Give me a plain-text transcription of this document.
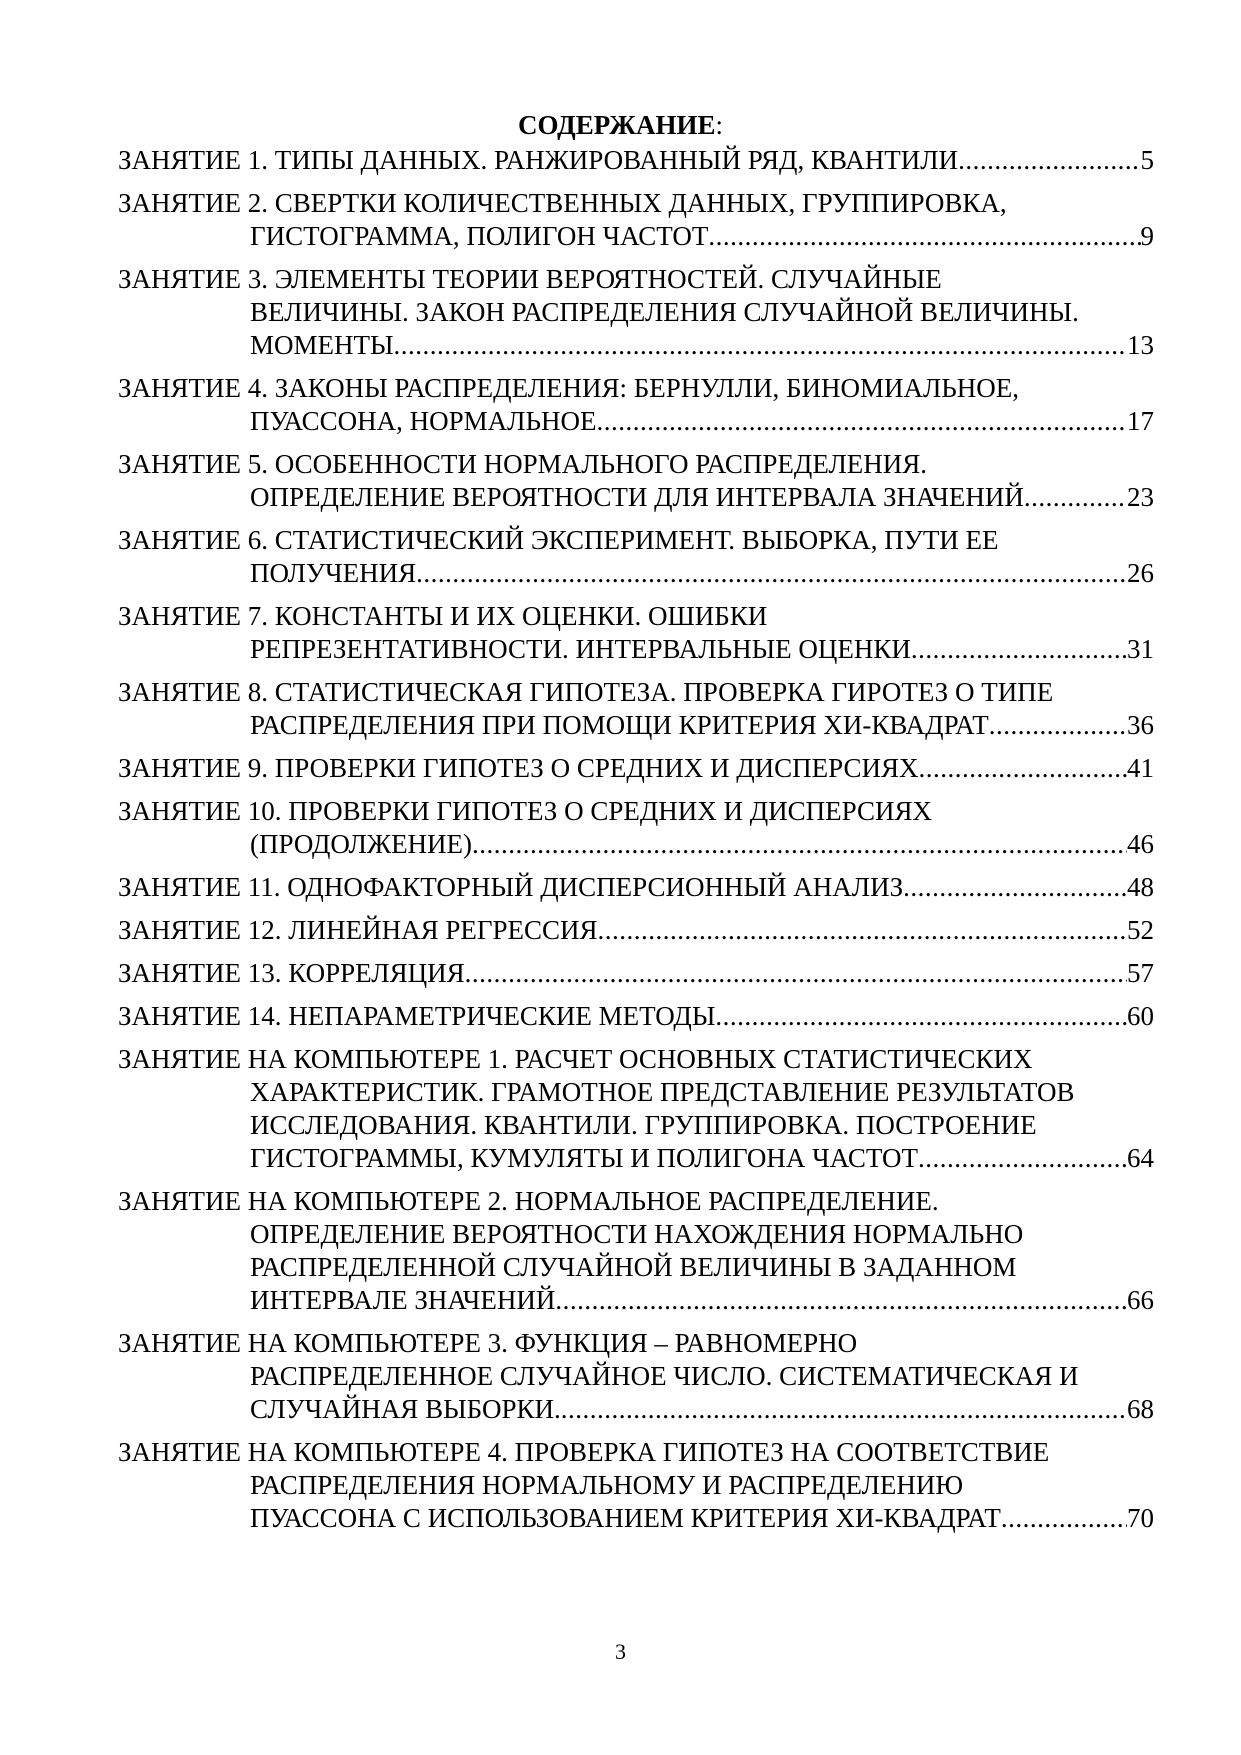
СОДЕРЖАНИЕ:
ЗАНЯТИЕ 1. ТИПЫ ДАННЫХ. РАНЖИРОВАННЫЙ РЯД, КВАНТИЛИ .....	5
ЗАНЯТИЕ 2. СВЕРТКИ КОЛИЧЕСТВЕННЫХ ДАННЫХ, ГРУППИРОВКА,
ГИСТОГРАММА, ПОЛИГОН ЧАСТОТ .....	9
ЗАНЯТИЕ 3. ЭЛЕМЕНТЫ ТЕОРИИ ВЕРОЯТНОСТЕЙ. СЛУЧАЙНЫЕ
ВЕЛИЧИНЫ. ЗАКОН РАСПРЕДЕЛЕНИЯ СЛУЧАЙНОЙ ВЕЛИЧИНЫ.
МОМЕНТЫ .....	13
ЗАНЯТИЕ 4. ЗАКОНЫ РАСПРЕДЕЛЕНИЯ: БЕРНУЛЛИ, БИНОМИАЛЬНОЕ,
ПУАССОНА, НОРМАЛЬНОЕ .....	17
ЗАНЯТИЕ 5. ОСОБЕННОСТИ НОРМАЛЬНОГО РАСПРЕДЕЛЕНИЯ.
ОПРЕДЕЛЕНИЕ ВЕРОЯТНОСТИ ДЛЯ ИНТЕРВАЛА ЗНАЧЕНИЙ .....	23
ЗАНЯТИЕ 6. СТАТИСТИЧЕСКИЙ ЭКСПЕРИМЕНТ. ВЫБОРКА, ПУТИ ЕЕ
ПОЛУЧЕНИЯ .....	26
ЗАНЯТИЕ 7. КОНСТАНТЫ И ИХ ОЦЕНКИ. ОШИБКИ
РЕПРЕЗЕНТАТИВНОСТИ. ИНТЕРВАЛЬНЫЕ ОЦЕНКИ .....	31
ЗАНЯТИЕ 8. СТАТИСТИЧЕСКАЯ ГИПОТЕЗА. ПРОВЕРКА ГИРОТЕЗ О ТИПЕ
РАСПРЕДЕЛЕНИЯ ПРИ ПОМОЩИ КРИТЕРИЯ ХИ-КВАДРАТ .....	36
ЗАНЯТИЕ 9. ПРОВЕРКИ ГИПОТЕЗ О СРЕДНИХ И ДИСПЕРСИЯХ .....	41
ЗАНЯТИЕ 10. ПРОВЕРКИ ГИПОТЕЗ О СРЕДНИХ И ДИСПЕРСИЯХ
(ПРОДОЛЖЕНИЕ) .....	46
ЗАНЯТИЕ 11. ОДНОФАКТОРНЫЙ ДИСПЕРСИОННЫЙ АНАЛИЗ .....	48
ЗАНЯТИЕ 12. ЛИНЕЙНАЯ РЕГРЕССИЯ .....	52
ЗАНЯТИЕ 13. КОРРЕЛЯЦИЯ .....	57
ЗАНЯТИЕ 14. НЕПАРАМЕТРИЧЕСКИЕ МЕТОДЫ .....	60
ЗАНЯТИЕ НА КОМПЬЮТЕРЕ 1. РАСЧЕТ ОСНОВНЫХ СТАТИСТИЧЕСКИХ
ХАРАКТЕРИСТИК. ГРАМОТНОЕ ПРЕДСТАВЛЕНИЕ РЕЗУЛЬТАТОВ
ИССЛЕДОВАНИЯ. КВАНТИЛИ. ГРУППИРОВКА. ПОСТРОЕНИЕ
ГИСТОГРАММЫ, КУМУЛЯТЫ И ПОЛИГОНА ЧАСТОТ .....	64
ЗАНЯТИЕ НА КОМПЬЮТЕРЕ 2. НОРМАЛЬНОЕ РАСПРЕДЕЛЕНИЕ.
ОПРЕДЕЛЕНИЕ ВЕРОЯТНОСТИ НАХОЖДЕНИЯ НОРМАЛЬНО
РАСПРЕДЕЛЕННОЙ СЛУЧАЙНОЙ ВЕЛИЧИНЫ В ЗАДАННОМ
ИНТЕРВАЛЕ ЗНАЧЕНИЙ .....	66
ЗАНЯТИЕ НА КОМПЬЮТЕРЕ 3. ФУНКЦИЯ – РАВНОМЕРНО
РАСПРЕДЕЛЕННОЕ СЛУЧАЙНОЕ ЧИСЛО. СИСТЕМАТИЧЕСКАЯ И
СЛУЧАЙНАЯ ВЫБОРКИ. .....	68
ЗАНЯТИЕ НА КОМПЬЮТЕРЕ 4. ПРОВЕРКА ГИПОТЕЗ НА СООТВЕТСТВИЕ
РАСПРЕДЕЛЕНИЯ НОРМАЛЬНОМУ И РАСПРЕДЕЛЕНИЮ
ПУАССОНА С ИСПОЛЬЗОВАНИЕМ КРИТЕРИЯ ХИ-КВАДРАТ .....	70
3
